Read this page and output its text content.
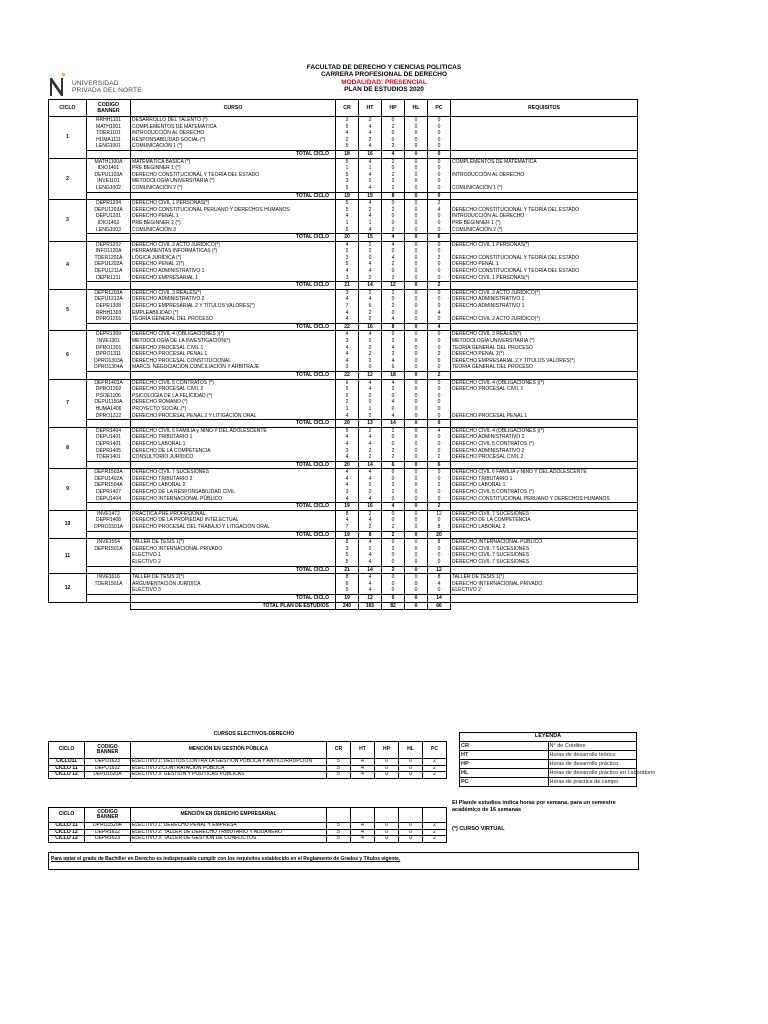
UNIVERSIDAD
PRIVADA DEL NORTE
FACULTAD DE DERECHO Y CIENCIAS POLITICAS
CARRERA PROFESIONAL DE DERECHO
MODALIDAD: PRESENCIAL
PLAN DE ESTUDIOS 2020
CICLO	CODIGO BANNER	CURSO	CR	HT	HP	HL	PC	REQUISITOS
1	RRHH1101	DESARROLLO DEL TALENTO (*)	2	2	0	0	0	
	MATH1001	COMPLEMENTOS DE MATEMÁTICA	5	4	2	0	0	
	TDER1101	INTRODUCCIÓN AL DERECHO	4	4	0	0	0	
	HUMA1111	RESPONSABILIDAD SOCIAL (*)	2	2	0	0	0	
	LENG1001	COMUNICACIÓN 1 (*)	5	4	2	0	0	
		TOTAL CICLO	18	16	4	0	0	
2	MATH1100A	MATEMÁTICA BÁSICA (*)	5	4	2	0	0	COMPLEMENTOS DE MATEMÁTICA
	IDIO1401	PRE BEGINNER 1 (*)	1	1	0	0	0	
	DEPU1103A	DERECHO CONSTITUCIONAL Y TEORÍA DEL ESTADO	5	4	2	0	0	INTRODUCCIÓN AL DERECHO
	INVE1101	METODOLOGÍA UNIVERSITARIA (*)	3	2	2	0	0	
	LENG1002	COMUNICACIÓN 2 (*)	5	4	2	0	0	COMUNICACIÓN 1 (*)
		TOTAL CICLO	19	15	8	0	0	
3	DEPR1204	DERECHO CIVIL 1 PERSONAS(*)	5	4	0	0	2	
	DEPU1203A	DERECHO CONSTITUCIONAL PERUANO Y DERECHOS HUMANOS	5	2	2	0	4	DERECHO CONSTITUCIONAL Y TEORÍA DEL ESTADO
	DEPU1201	DERECHO PENAL 1	4	4	0	0	0	INTRODUCCIÓN AL DERECHO
	IDIO1402	PRE BEGINNER 2 (*)	1	1	0	0	0	PRE BEGINNER 1 (*)
	LENG1003	COMUNICACIÓN 3	5	4	2	0	0	COMUNICACIÓN 2 (*)
		TOTAL CICLO	20	15	4	0	6	
4	DEPR1202	DERECHO CIVIL 2 ACTO JURÍDICO(*)	4	2	4	0	0	DERECHO CIVIL 1 PERSONAS(*)
	INFO1120A	HERRAMIENTAS INFORMÁTICAS (*)	2	2	0	0	0	
	TDER1201A	LÓGICA JURÍDICA (*)	3	0	4	0	2	DERECHO CONSTITUCIONAL Y TEORÍA DEL ESTADO
	DEPU1202A	DERECHO PENAL 2(*)	5	4	2	0	0	DERECHO PENAL 1
	DEPU1211A	DERECHO ADMINISTRATIVO 1	4	4	0	0	0	DERECHO CONSTITUCIONAL Y TEORÍA DEL ESTADO
	DEPR1211	DERECHO EMPRESARIAL 1	3	2	2	0	0	DERECHO CIVIL 1 PERSONAS(*)
		TOTAL CICLO	21	14	12	0	2	
5	DEPR1203A	DERECHO CIVIL 3 REALES(*)	3	2	2	0	0	DERECHO CIVIL 2 ACTO JURÍDICO(*)
	DEPU1212A	DERECHO ADMINISTRATIVO 2	4	4	0	0	0	DERECHO ADMINISTRATIVO 1
	DEPR1308	DERECHO EMPRESARIAL 2 Y TÍTULOS VALORES(*)	7	6	2	0	0	DERECHO ADMINISTRATIVO 1
	RRHH1303	EMPLEABILIDAD (*)	4	2	0	0	4	
	DPRO1201	TEORÍA GENERAL DEL PROCESO	4	2	4	0	0	DERECHO CIVIL 2 ACTO JURÍDICO(*)
		TOTAL CICLO	22	16	8	0	4	
6	DEPR1309	DERECHO CIVIL 4 (OBLIGACIONES )(*)	4	4	0	0	0	DERECHO CIVIL 3 REALES(*)
	INVE1301	METODOLOGÍA DE LA INVESTIGACIÓN(*)	3	2	2	0	0	METODOLOGÍA UNIVERSITARIA (*)
	DPRO1301	DERECHO PROCESAL CIVIL 1	4	2	4	0	0	TEORÍA GENERAL DEL PROCESO
	DPRO1311	DERECHO PROCESAL PENAL 1	4	2	2	0	2	DERECHO PENAL 2(*)
	DPRO1303A	DERECHO PROCESAL CONSTITUCIONAL	4	2	4	0	0	DERECHO EMPRESARIAL 2 Y TÍTULOS VALORES(*)
	DPRO1304A	MARCS: NEGOCIACIÓN,CONCILIACIÓN Y ARBITRAJE	3	0	6	0	0	TEORÍA GENERAL DEL PROCESO
		TOTAL CICLO	22	12	18	0	2	
7	DEPR1403A	DERECHO CIVIL 5 CONTRATOS (*)	6	4	4	0	0	DERECHO CIVIL 4 (OBLIGACIONES )(*)
	DPRO1302	DERECHO PROCESAL CIVIL 2	5	4	2	0	0	DERECHO PROCESAL CIVIL 1
	PSOE1106	PSICOLOGÍA DE LA FELICIDAD (*)	2	2	0	0	0	
	DEPU1150A	DERECHO ROMANO (*)	2	0	4	0	0	
	HUMA1406	PROYECTO SOCIAL (*)	1	1	0	0	0	
	DPRO1312	DERECHO PROCESAL PENAL 2 Y LITIGACIÓN ORAL	4	2	4	0	0	DERECHO PROCESAL PENAL 1
		TOTAL CICLO	20	13	14	0	0	
8	DEPR1404	DERECHO CIVIL 6 FAMILIA y NIÑO Y DEL ADOLESCENTE	5	2	2	0	4	DERECHO CIVIL 4 (OBLIGACIONES )(*)
	DEPU1401	DERECHO TRIBUTARIO 1	4	4	0	0	0	DERECHO ADMINISTRATIVO 2
	DEPR1401	DERECHO LABORAL 1	4	4	0	0	0	DERECHO CIVIL 5 CONTRATOS (*)
	DEPR1405	DERECHO DE LA COMPETENCIA	3	2	2	0	0	DERECHO ADMINISTRATIVO 2
	TDER1401	CONSULTORIO JURÍDICO	4	2	2	0	2	DERECHO PROCESAL CIVIL 2
		TOTAL CICLO	20	14	6	0	6	
9	DEPR1503A	DERECHO CIVIL 7 SUCESIONES	4	4	0	0	0	DERECHO CIVIL 6 FAMILIA y NIÑO Y DEL ADOLESCENTE
	DEPU1402A	DERECHO TRIBUTARIO 2	4	4	0	0	0	DERECHO TRIBUTARIO 1
	DEPR1504A	DERECHO LABORAL 2	4	2	2	0	2	DERECHO LABORAL 1
	DEPR1407	DERECHO DE LA RESPONSABILIDAD CIVIL	3	2	2	0	0	DERECHO CIVIL 5 CONTRATOS (*)
	DEPU1404	DERECHO INTERNACIONAL PÚBLICO	4	4	0	0	0	DERECHO CONSTITUCIONAL PERUANO Y DERECHOS HUMANOS
		TOTAL CICLO	19	16	4	0	2	
10	INVE1472	PRÁCTICA PRE PROFESIONAL	8	2	0	0	12	DERECHO CIVIL 7 SUCESIONES
	DEPR1408	DERECHO DE LA PROPIEDAD INTELECTUAL	4	4	0	0	0	DERECHO DE LA COMPETENCIA
	DPRO1501A	DERECHO PROCESAL DEL TRABAJO Y LITIGACIÓN ORAL	7	2	2	0	8	DERECHO LABORAL 2
		TOTAL CICLO	19	8	2	0	20	
11	INVE1554	TALLER DE TESIS 1(*)	8	4	0	0	8	DERECHO INTERNACIONAL PÚBLICO
	DEPR1501A	DERECHO INTERNACIONAL PRIVADO	3	2	2	0	0	DERECHO CIVIL 7 SUCESIONES
		ELECTIVO 1	5	4	0	0	0	DERECHO CIVIL 7 SUCESIONES
		ELECTIVO 2	5	4	0	0	0	DERECHO CIVIL 7 SUCESIONES
		TOTAL CICLO	21	14	2	0	12	
12	INVE1616	TALLER DE TESIS 2(*)	8	4	0	0	8	TALLER DE TESIS 1(*)
	TDER1501A	ARGUMENTACIÓN JURÍDICA	6	4	0	0	4	DERECHO INTERNACIONAL PRIVADO
		ELECTIVO 3	5	4	0	0	0	ELECTIVO 2
		TOTAL CICLO	19	12	0	0	14	
		TOTAL PLAN DE ESTUDIOS	240	165	82	0	66	
CURSOS ELECTIVOS-DERECHO
CICLO	CODIGO BANNER	MENCIÓN EN GESTIÓN PÚBLICA	CR	HT	HP	HL	PC
CICLO11	DEPU1623	ELECTIVO 1: DELITOS CONTRA LA GESTIÓN PÚBLICA Y ANTICORRUPCIÓN	5	4	0	0	2
CICLO 11	DEPU1622	ELECTIVO 2:CONTRATACIÓN PÚBLICA	5	4	0	0	2
CICLO 12	DEPU1520A	ELECTIVO 3: GESTIÓN Y POLÍTICAS PÚBLICAS	5	4	0	0	2
CICLO	CODIGO BANNER	MENCIÓN EN DERECHO EMPRESARIAL					
CICLO 11	DPRO1520A	ELECTIVO 1: DERECHO PENAL Y EMPRESA	5	4	0	0	2
CICLO 12	DEPR1622	ELECTIVO 2: TALLER DE DERECHO TRIBUTARIO Y ADUANERO	5	4	0	0	2
CICLO 12	DEPR1623	ELECTIVO 3: TALLER DE GESTIÓN DE CONFLICTOS	5	4	0	0	2
LEYENDA	
CR	N° de Créditos
HT	Horas de desarrollo teórico
HP	Horas de desarrollo práctico
HL	Horas de desarrollo práctico en Laboratorio
PC	Horas de práctica de campo
El Plande estudios indica horas por semana, para un semestre académico de 16 semanas
(*) CURSO VIRTUAL
Para optar el grado de Bachiller en Derecho es indispensable cumplir con los requisitos establecido en el Reglamento de Grados y Títulos vigente.
